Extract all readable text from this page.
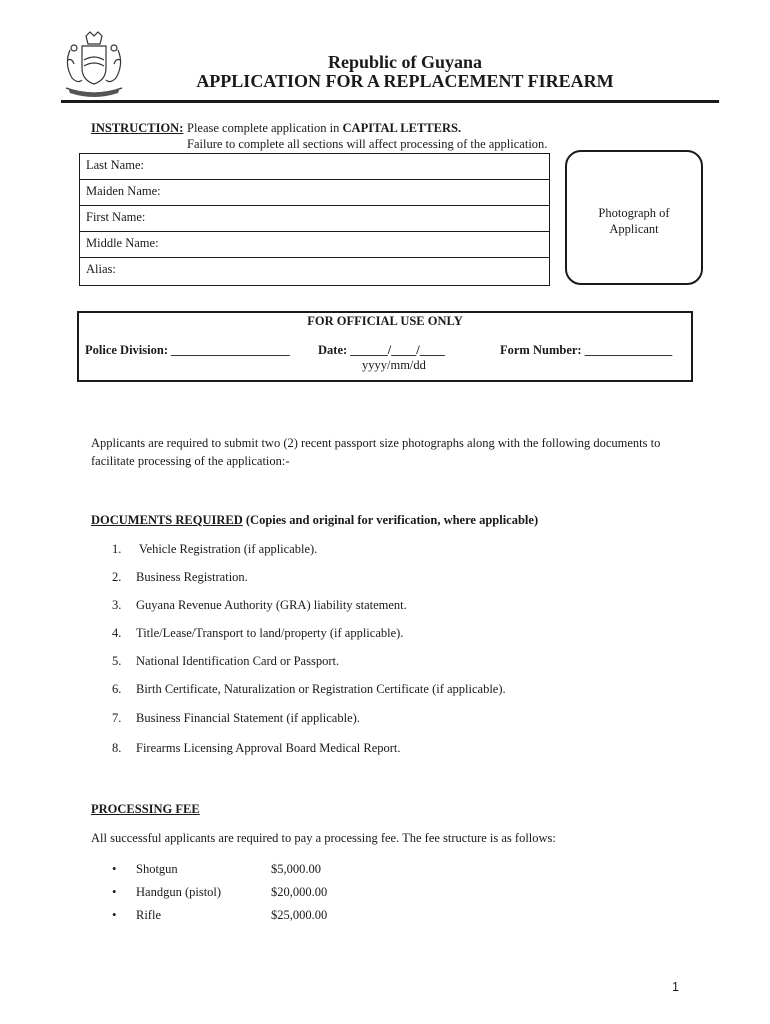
Republic of Guyana
APPLICATION FOR A REPLACEMENT FIREARM
INSTRUCTION: Please complete application in CAPITAL LETTERS.
Failure to complete all sections will affect processing of the application.
Last Name:
Maiden Name:
First Name:
Middle Name:
Alias:
Photograph of
Applicant
FOR OFFICIAL USE ONLY
Police Division: ___________________ Date: ______/____/____
yyyy/mm/dd
Form Number: ______________
Applicants are required to submit two (2) recent passport size photographs along with the following documents to facilitate processing of the application:-
DOCUMENTS REQUIRED (Copies and original for verification, where applicable)
1. Vehicle Registration (if applicable).
2. Business Registration.
3. Guyana Revenue Authority (GRA) liability statement.
4. Title/Lease/Transport to land/property (if applicable).
5. National Identification Card or Passport.
6. Birth Certificate, Naturalization or Registration Certificate (if applicable).
7. Business Financial Statement (if applicable).
8. Firearms Licensing Approval Board Medical Report.
PROCESSING FEE
All successful applicants are required to pay a processing fee. The fee structure is as follows:
• Shotgun	$5,000.00
• Handgun (pistol)	$20,000.00
• Rifle	$25,000.00
1
